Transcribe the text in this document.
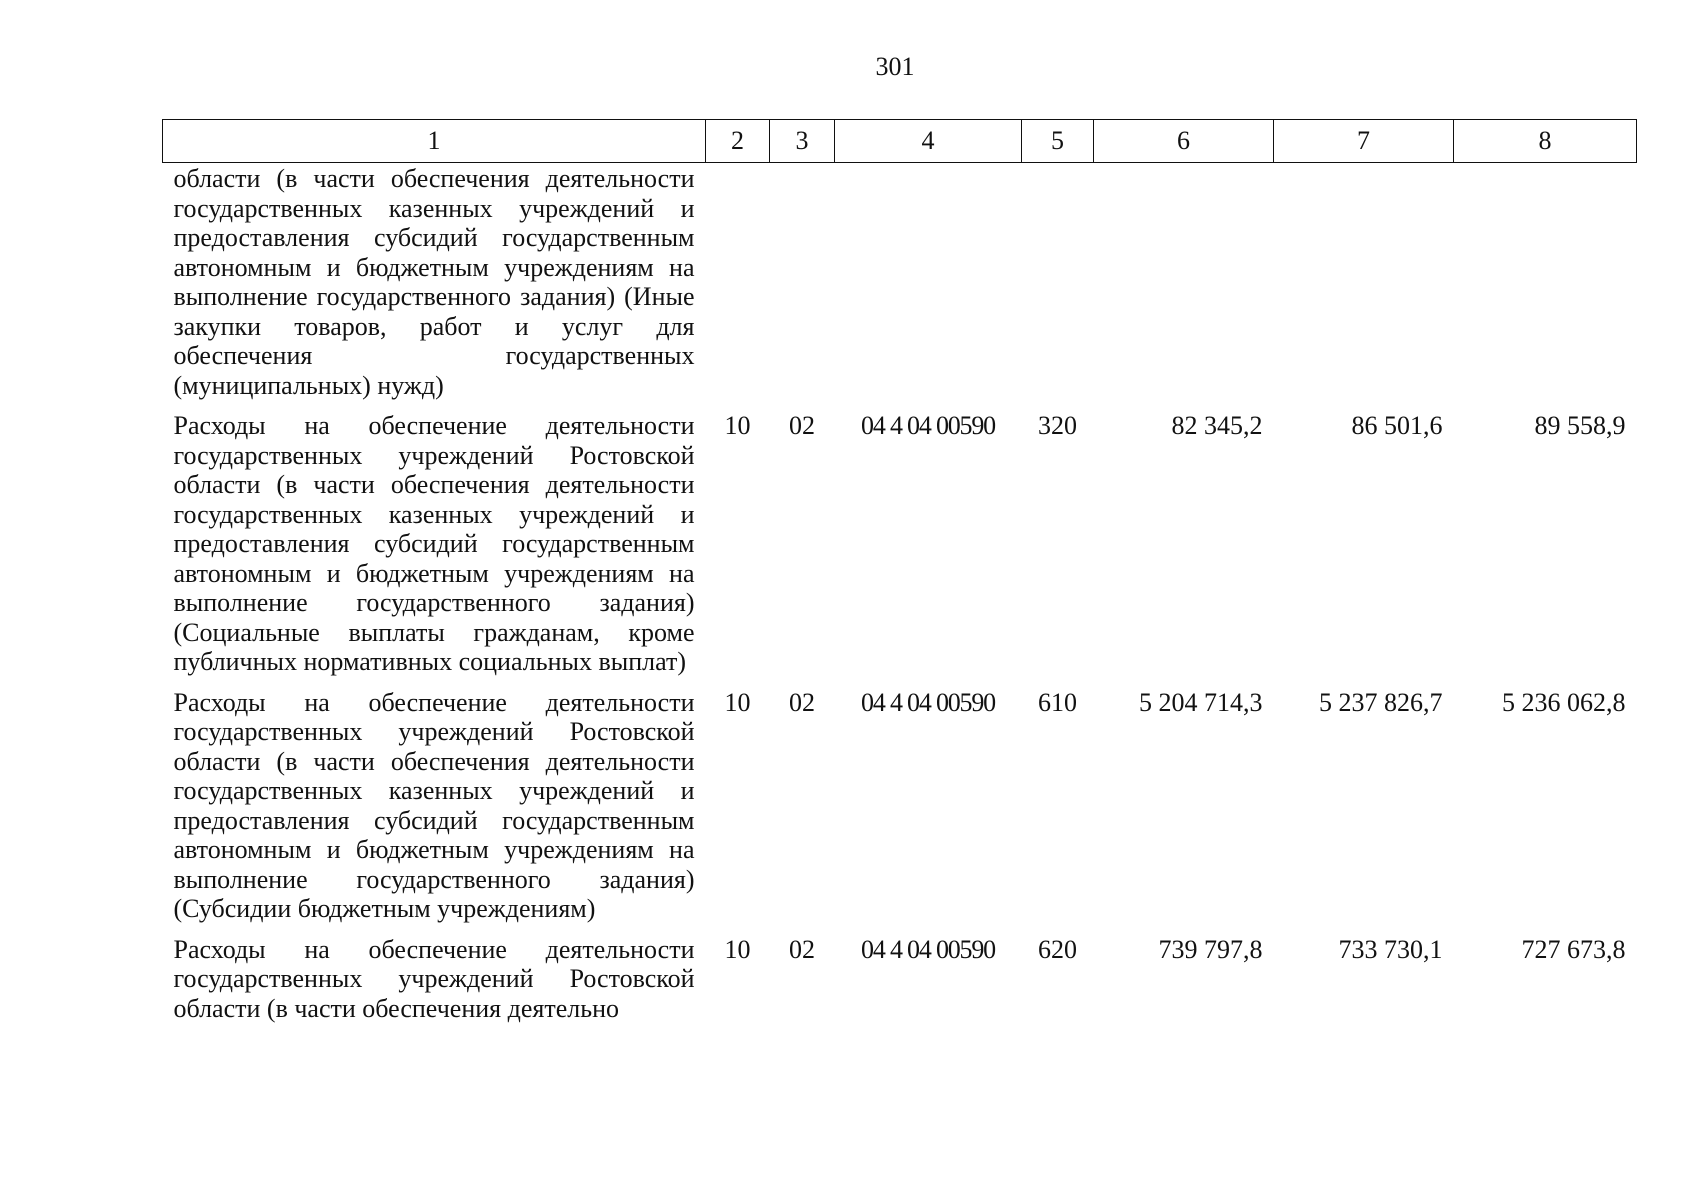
301
1	2	3	4	5	6	7	8
области (в части обеспечения деятельности государственных казенных учреждений и предоставления субсидий государственным автономным и бюджетным учреждениям на выполнение государственного задания) (Иные закупки товаров, работ и услуг для обеспечения государственных (муниципальных) нужд)							
Расходы на обеспечение деятельности государственных учреждений Ростовской области (в части обеспечения деятельности государственных казенных учреждений и предоставления субсидий государственным автономным и бюджетным учреждениям на выполнение государственного задания) (Социальные выплаты гражданам, кроме публичных нормативных социальных выплат)	10	02	04 4 04 00590	320	82 345,2	86 501,6	89 558,9
Расходы на обеспечение деятельности государственных учреждений Ростовской области (в части обеспечения деятельности государственных казенных учреждений и предоставления субсидий государственным автономным и бюджетным учреждениям на выполнение государственного задания) (Субсидии бюджетным учреждениям)	10	02	04 4 04 00590	610	5 204 714,3	5 237 826,7	5 236 062,8
Расходы на обеспечение деятельности государственных учреждений Ростовской области (в части обеспечения деятельно	10	02	04 4 04 00590	620	739 797,8	733 730,1	727 673,8
